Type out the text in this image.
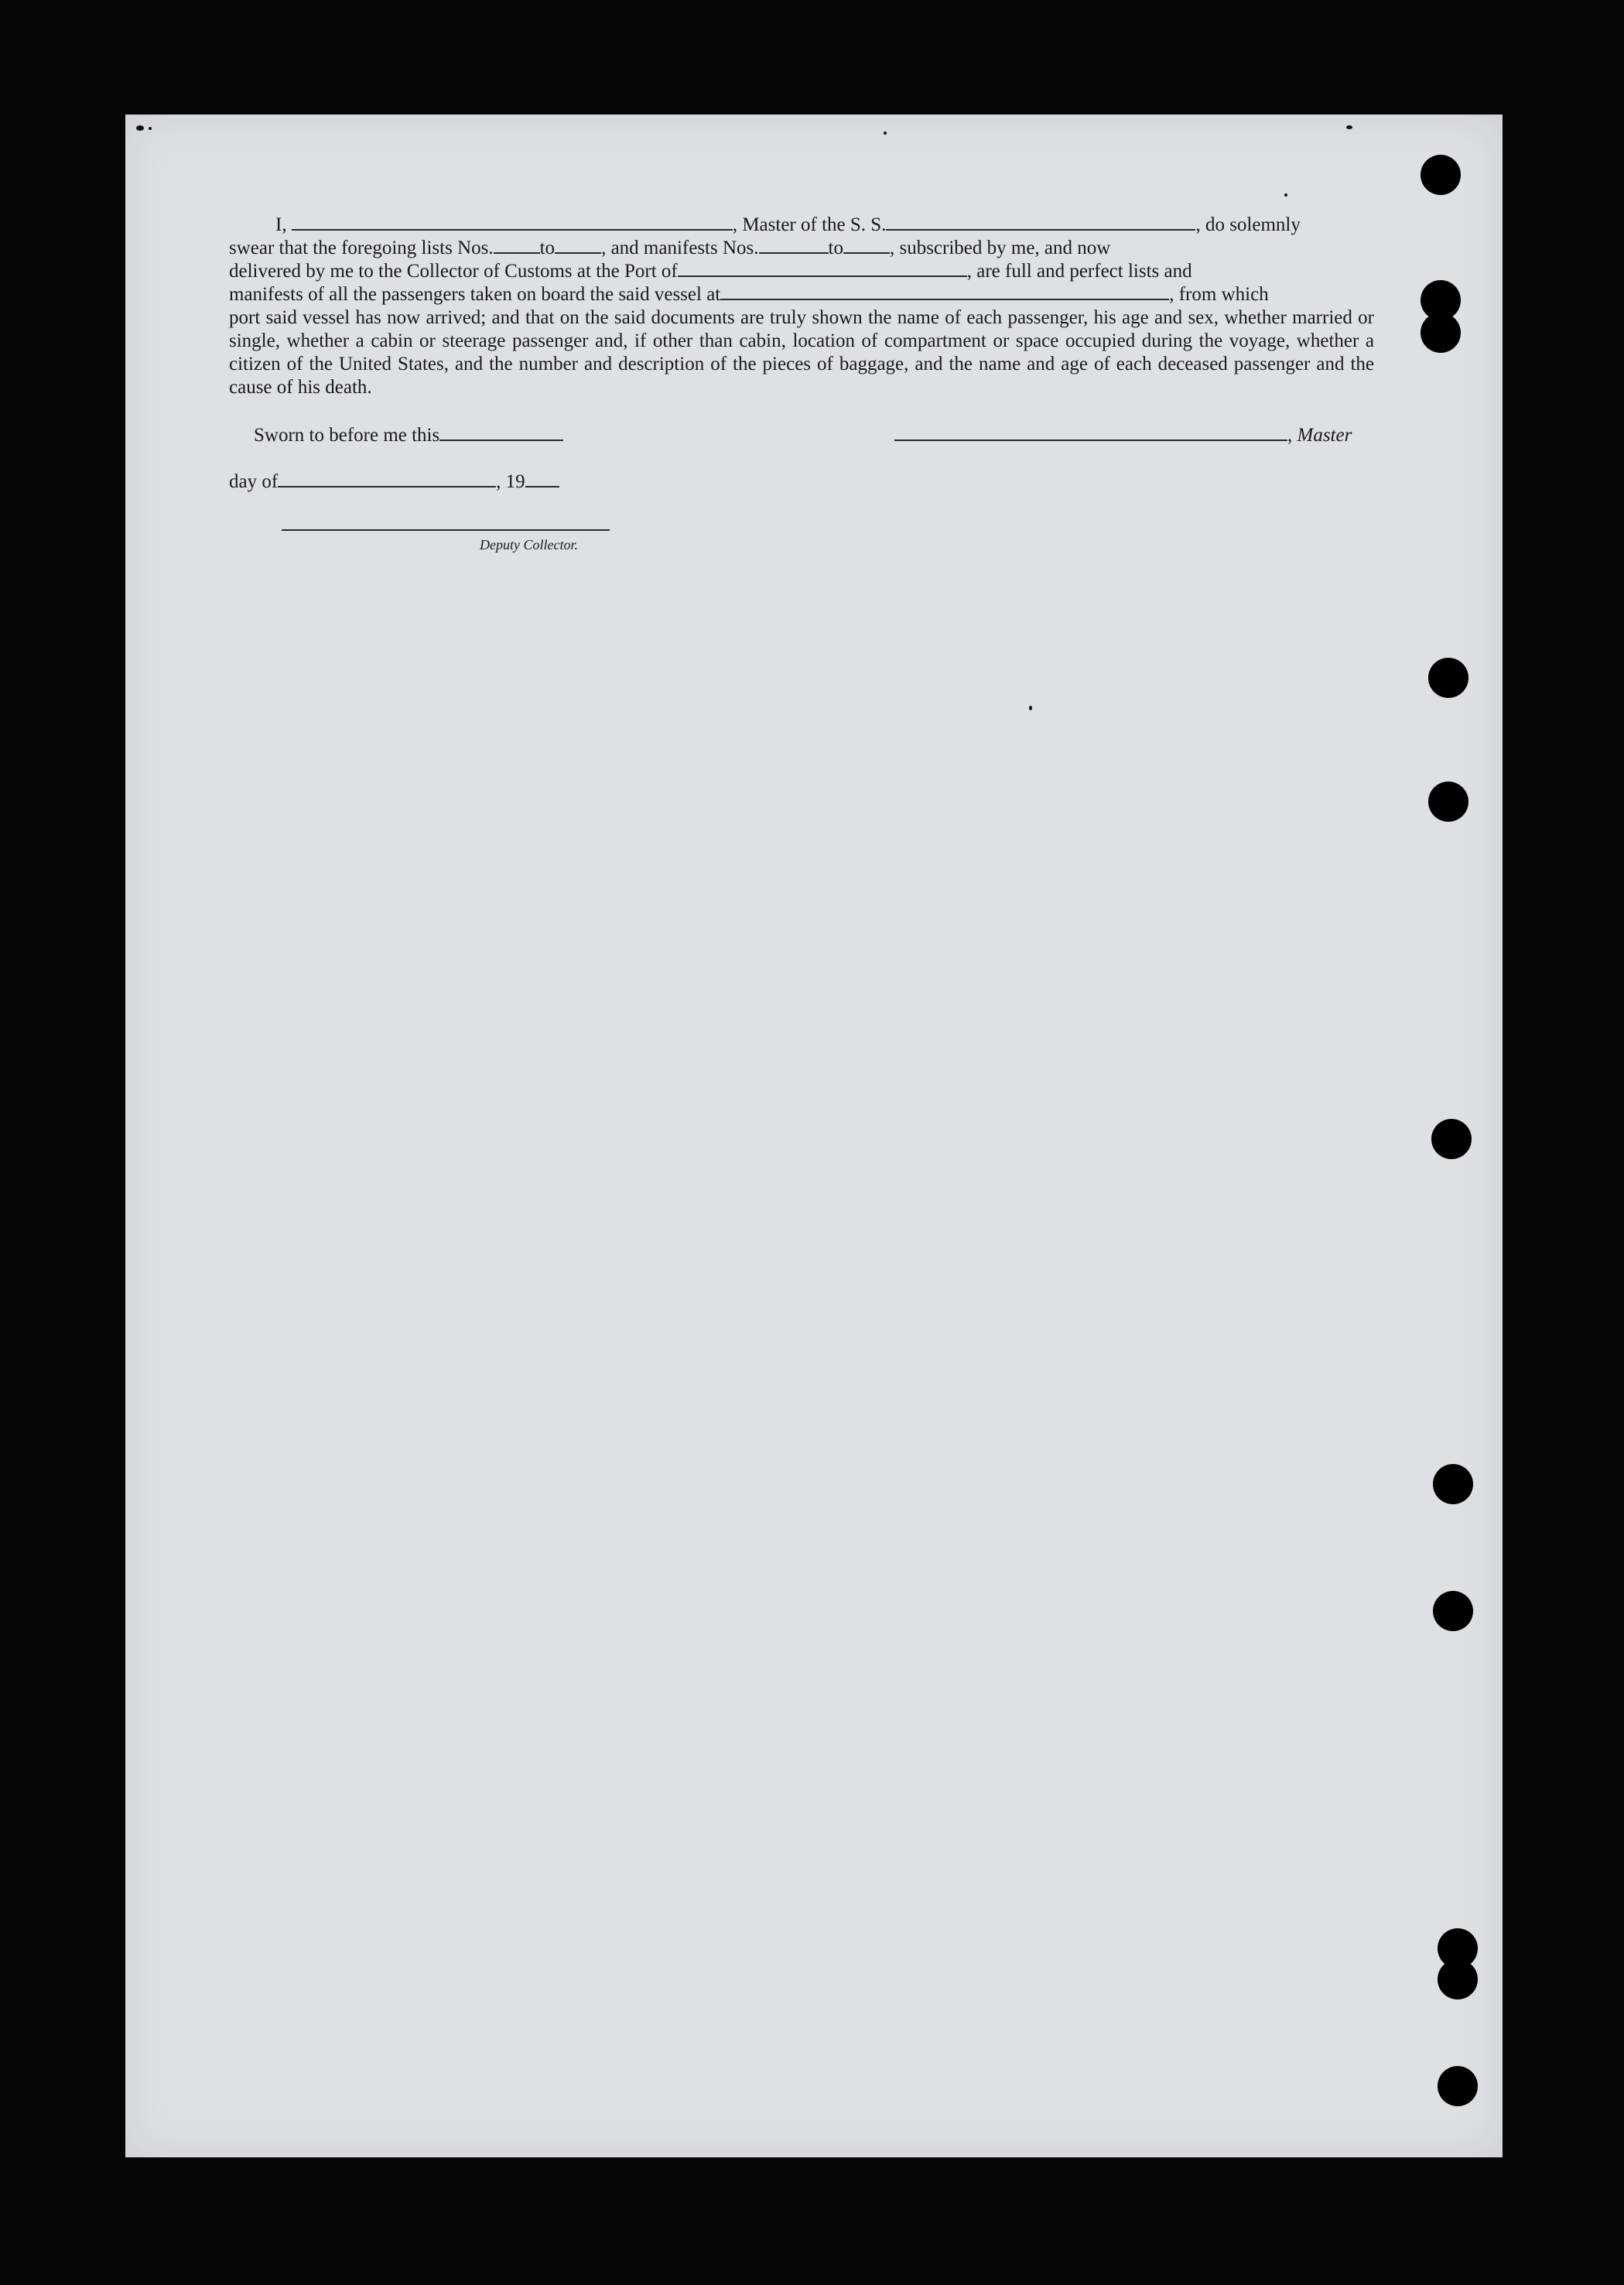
I,	, Master of the S. S.	, do solemnly

swear that the foregoing lists Nos. to , and manifests Nos.	to , subscribed by me, and now

delivered by me to the Collector of Customs at the Port of	, are full and perfect lists and

manifests of all the passengers taken on board the said vessel at	, from which

port said vessel has now arrived; and that on the said documents are truly shown the name of each passenger, his age and sex, whether married or single, whether a cabin or steerage passenger and, if other than cabin, location of compartment or space occupied during the voyage, whether a citizen of the United States, and the number and description of the pieces of baggage, and the name and age of each deceased passenger and the cause of his death.

Sworn to before me this	, Master
day of	, 19
Deputy Collector.
